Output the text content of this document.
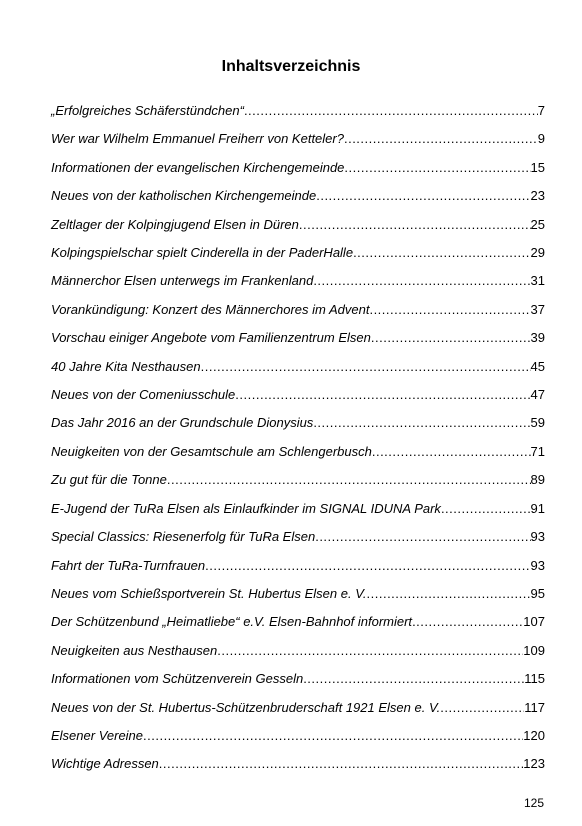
Inhaltsverzeichnis
„Erfolgreiches Schäferstündchen“ .....	7
Wer war Wilhelm Emmanuel Freiherr von Ketteler? .....	9
Informationen der evangelischen Kirchengemeinde .....	15
Neues von der katholischen Kirchengemeinde .....	23
Zeltlager der Kolpingjugend Elsen in Düren .....	25
Kolpingspielschar spielt Cinderella in der PaderHalle .....	29
Männerchor Elsen unterwegs im Frankenland .....	31
Vorankündigung: Konzert des Männerchores im Advent .....	37
Vorschau einiger Angebote vom Familienzentrum Elsen .....	39
40 Jahre Kita Nesthausen .....	45
Neues von der Comeniusschule .....	47
Das Jahr 2016 an der Grundschule Dionysius .....	59
Neuigkeiten von der Gesamtschule am Schlengerbusch .....	71
Zu gut für die Tonne .....	89
E-Jugend der TuRa Elsen als Einlaufkinder im SIGNAL IDUNA Park .....	91
Special Classics: Riesenerfolg für TuRa Elsen .....	93
Fahrt der TuRa-Turnfrauen .....	93
Neues vom Schießsportverein St. Hubertus Elsen e. V. .....	95
Der Schützenbund „Heimatliebe“ e.V. Elsen-Bahnhof informiert .....	107
Neuigkeiten aus Nesthausen .....	109
Informationen vom Schützenverein Gesseln .....	115
Neues von der St. Hubertus-Schützenbruderschaft 1921 Elsen e. V. .....	117
Elsener Vereine .....	120
Wichtige Adressen .....	123
125
